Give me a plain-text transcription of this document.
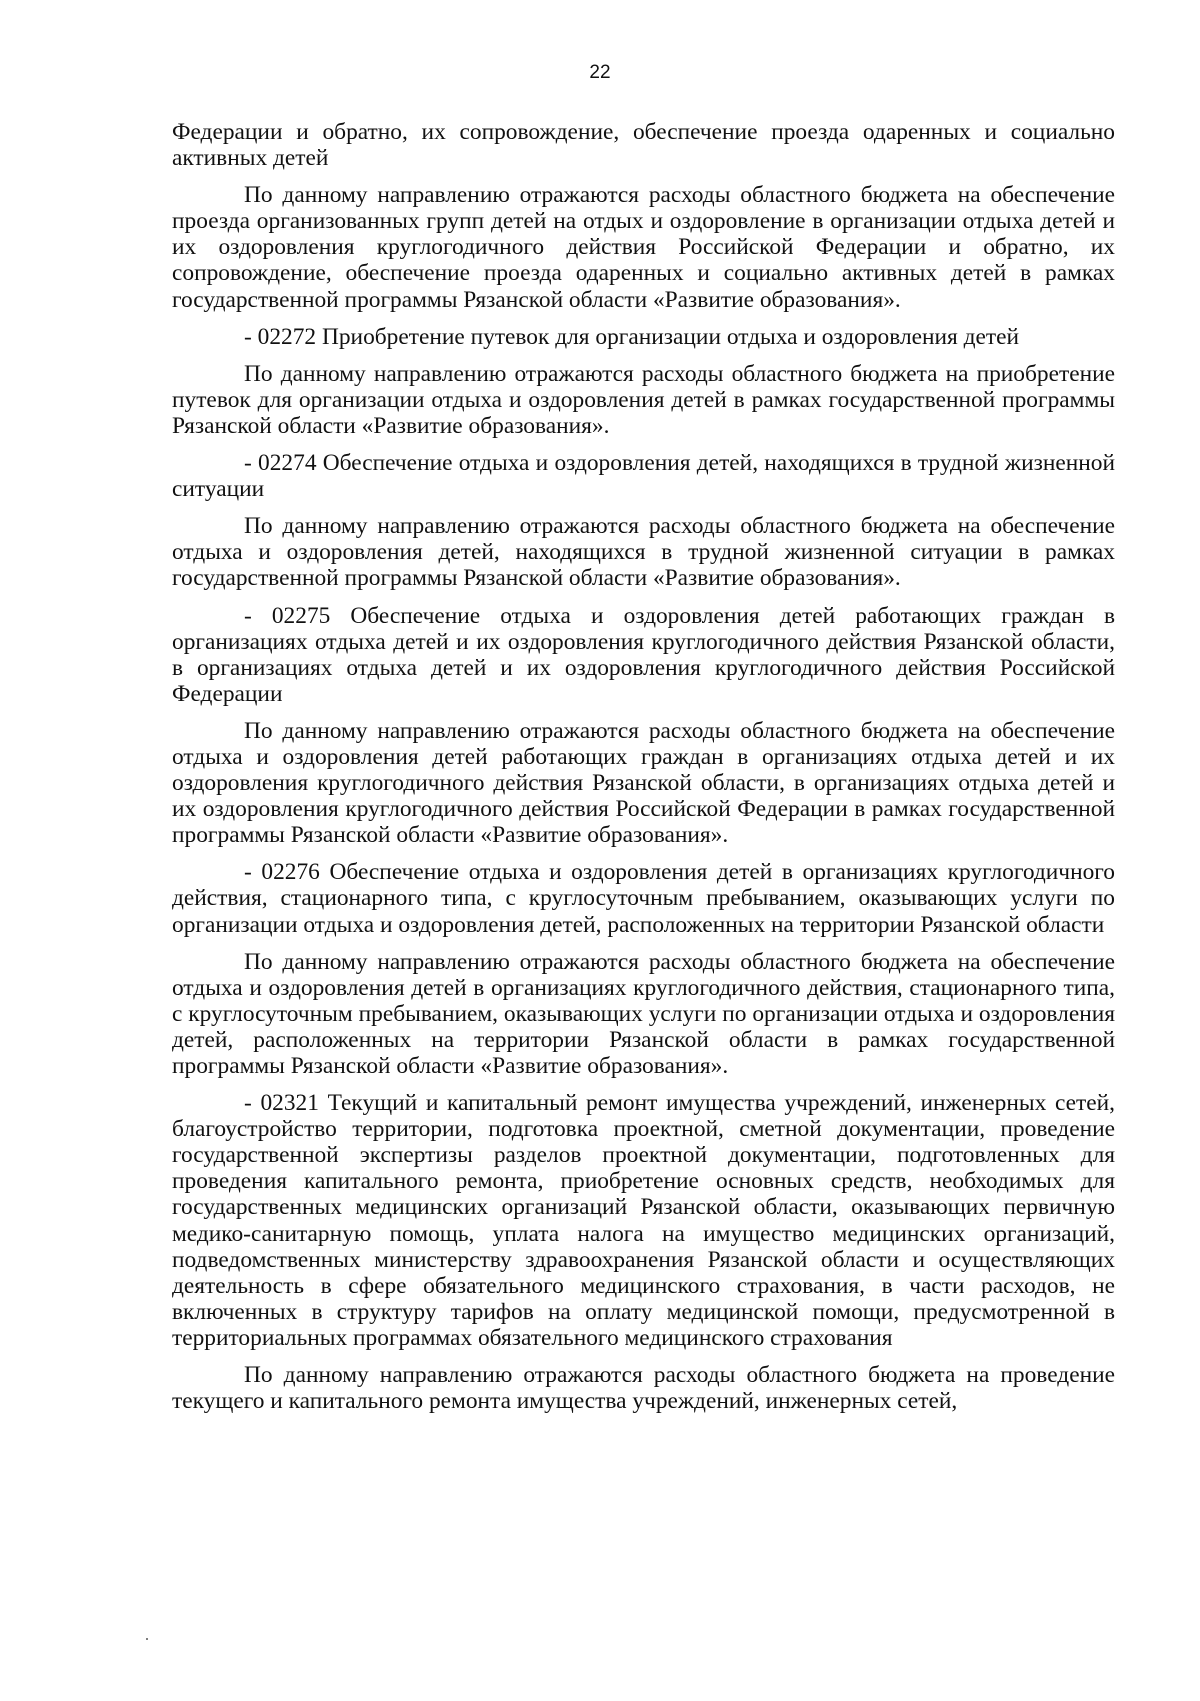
22

Федерации и обратно, их сопровождение, обеспечение проезда одаренных и социально активных детей

По данному направлению отражаются расходы областного бюджета на обеспечение проезда организованных групп детей на отдых и оздоровление в организации отдыха детей и их оздоровления круглогодичного действия Российской Федерации и обратно, их сопровождение, обеспечение проезда одаренных и социально активных детей в рамках государственной программы Рязанской области «Развитие образования».

- 02272 Приобретение путевок для организации отдыха и оздоровления детей

По данному направлению отражаются расходы областного бюджета на приобретение путевок для организации отдыха и оздоровления детей в рамках государственной программы Рязанской области «Развитие образования».

- 02274 Обеспечение отдыха и оздоровления детей, находящихся в трудной жизненной ситуации

По данному направлению отражаются расходы областного бюджета на обеспечение отдыха и оздоровления детей, находящихся в трудной жизненной ситуации в рамках государственной программы Рязанской области «Развитие образования».

- 02275 Обеспечение отдыха и оздоровления детей работающих граждан в организациях отдыха детей и их оздоровления круглогодичного действия Рязанской области, в организациях отдыха детей и их оздоровления круглогодичного действия Российской Федерации

По данному направлению отражаются расходы областного бюджета на обеспечение отдыха и оздоровления детей работающих граждан в организациях отдыха детей и их оздоровления круглогодичного действия Рязанской области, в организациях отдыха детей и их оздоровления круглогодичного действия Российской Федерации в рамках государственной программы Рязанской области «Развитие образования».

- 02276 Обеспечение отдыха и оздоровления детей в организациях круглогодичного действия, стационарного типа, с круглосуточным пребыванием, оказывающих услуги по организации отдыха и оздоровления детей, расположенных на территории Рязанской области

По данному направлению отражаются расходы областного бюджета на обеспечение отдыха и оздоровления детей в организациях круглогодичного действия, стационарного типа, с круглосуточным пребыванием, оказывающих услуги по организации отдыха и оздоровления детей, расположенных на территории Рязанской области в рамках государственной программы Рязанской области «Развитие образования».

- 02321 Текущий и капитальный ремонт имущества учреждений, инженерных сетей, благоустройство территории, подготовка проектной, сметной документации, проведение государственной экспертизы разделов проектной документации, подготовленных для проведения капитального ремонта, приобретение основных средств, необходимых для государственных медицинских организаций Рязанской области, оказывающих первичную медико-санитарную помощь, уплата налога на имущество медицинских организаций, подведомственных министерству здравоохранения Рязанской области и осуществляющих деятельность в сфере обязательного медицинского страхования, в части расходов, не включенных в структуру тарифов на оплату медицинской помощи, предусмотренной в территориальных программах обязательного медицинского страхования

По данному направлению отражаются расходы областного бюджета на проведение текущего и капитального ремонта имущества учреждений, инженерных сетей,
